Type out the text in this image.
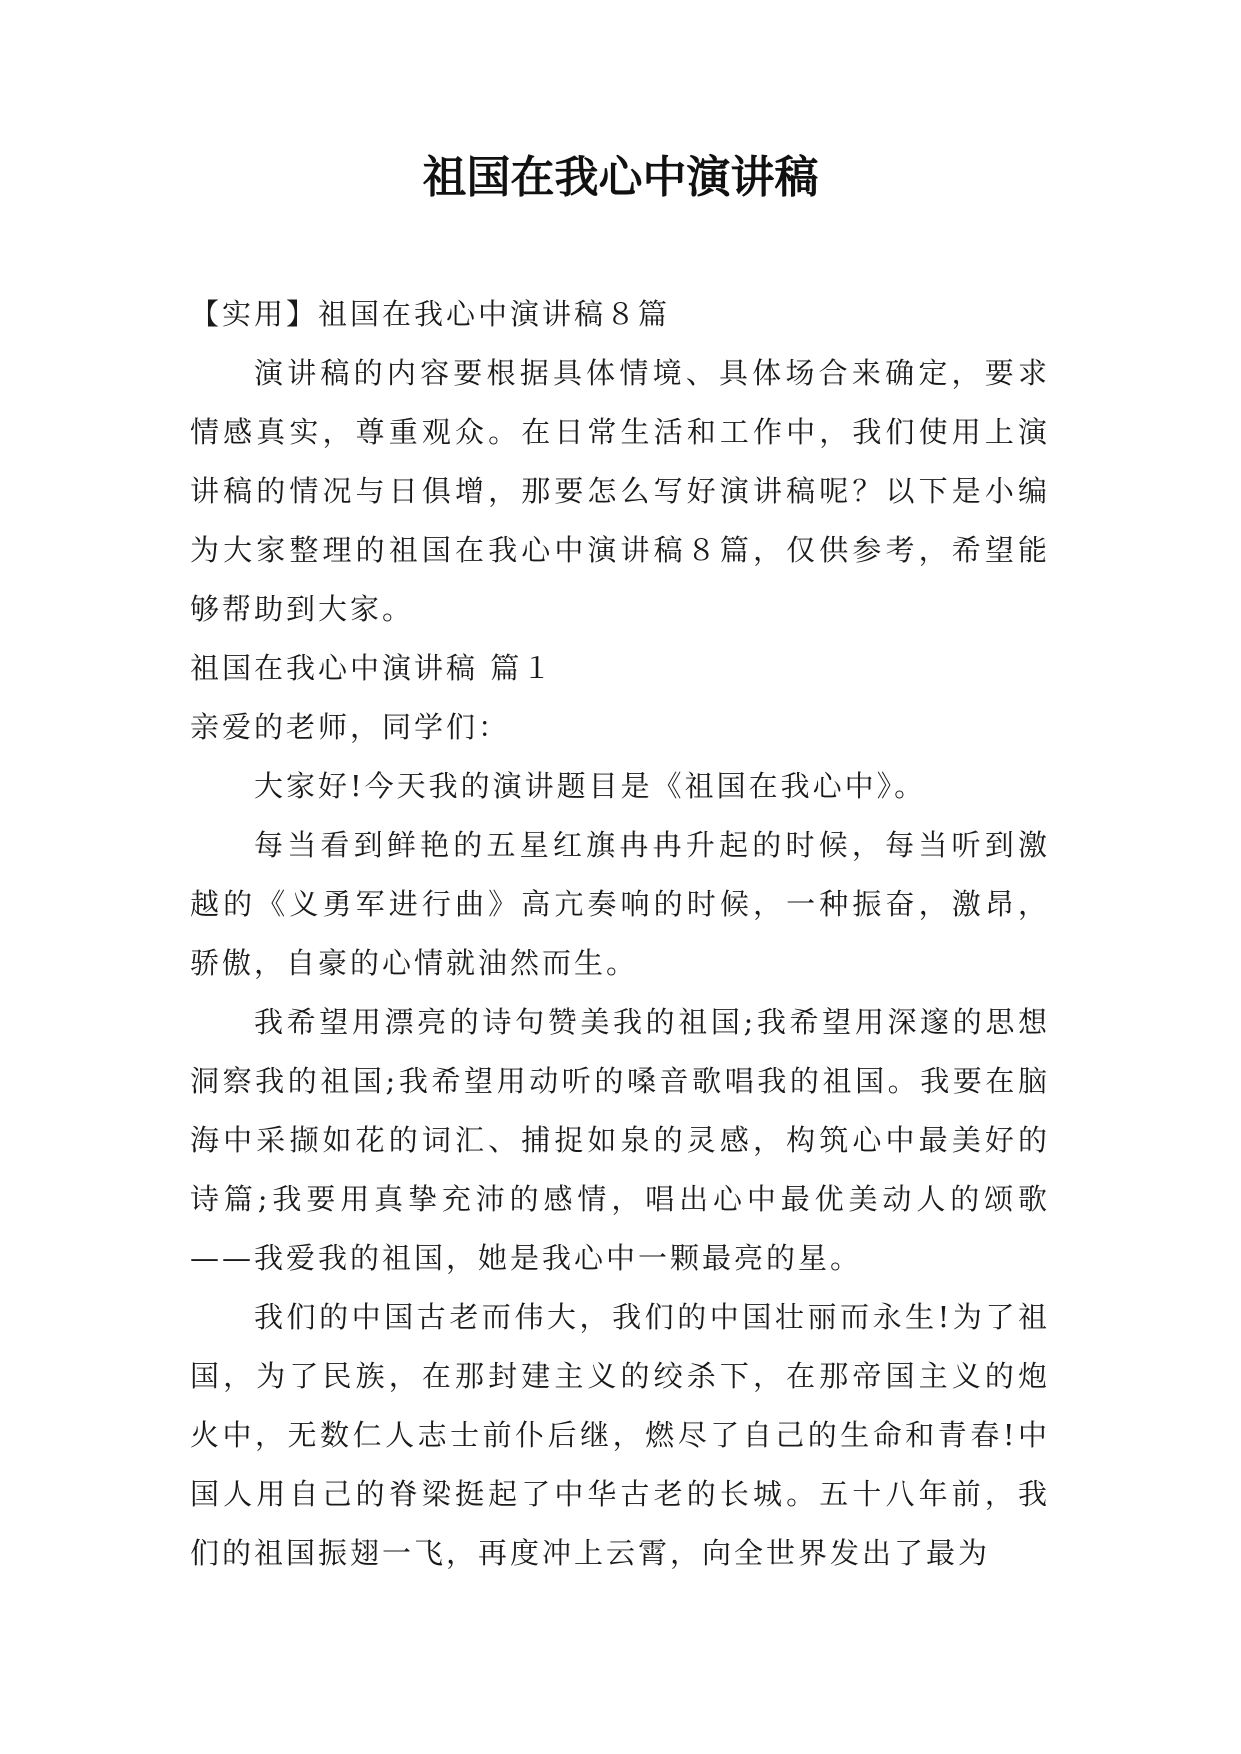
祖国在我心中演讲稿

【实用】祖国在我心中演讲稿８篇

演讲稿的内容要根据具体情境、具体场合来确定，要求情感真实，尊重观众。在日常生活和工作中，我们使用上演讲稿的情况与日俱增，那要怎么写好演讲稿呢？以下是小编为大家整理的祖国在我心中演讲稿８篇，仅供参考，希望能够帮助到大家。

祖国在我心中演讲稿 篇１

亲爱的老师，同学们：

大家好!今天我的演讲题目是《祖国在我心中》。

每当看到鲜艳的五星红旗冉冉升起的时候，每当听到激越的《义勇军进行曲》高亢奏响的时候，一种振奋，激昂，骄傲，自豪的心情就油然而生。

我希望用漂亮的诗句赞美我的祖国;我希望用深邃的思想洞察我的祖国;我希望用动听的嗓音歌唱我的祖国。我要在脑海中采撷如花的词汇、捕捉如泉的灵感，构筑心中最美好的诗篇;我要用真挚充沛的感情，唱出心中最优美动人的颂歌——我爱我的祖国，她是我心中一颗最亮的星。

我们的中国古老而伟大，我们的中国壮丽而永生!为了祖国，为了民族，在那封建主义的绞杀下，在那帝国主义的炮火中，无数仁人志士前仆后继，燃尽了自己的生命和青春!中国人用自己的脊梁挺起了中华古老的长城。五十八年前，我们的祖国振翅一飞，再度冲上云霄，向全世界发出了最为
